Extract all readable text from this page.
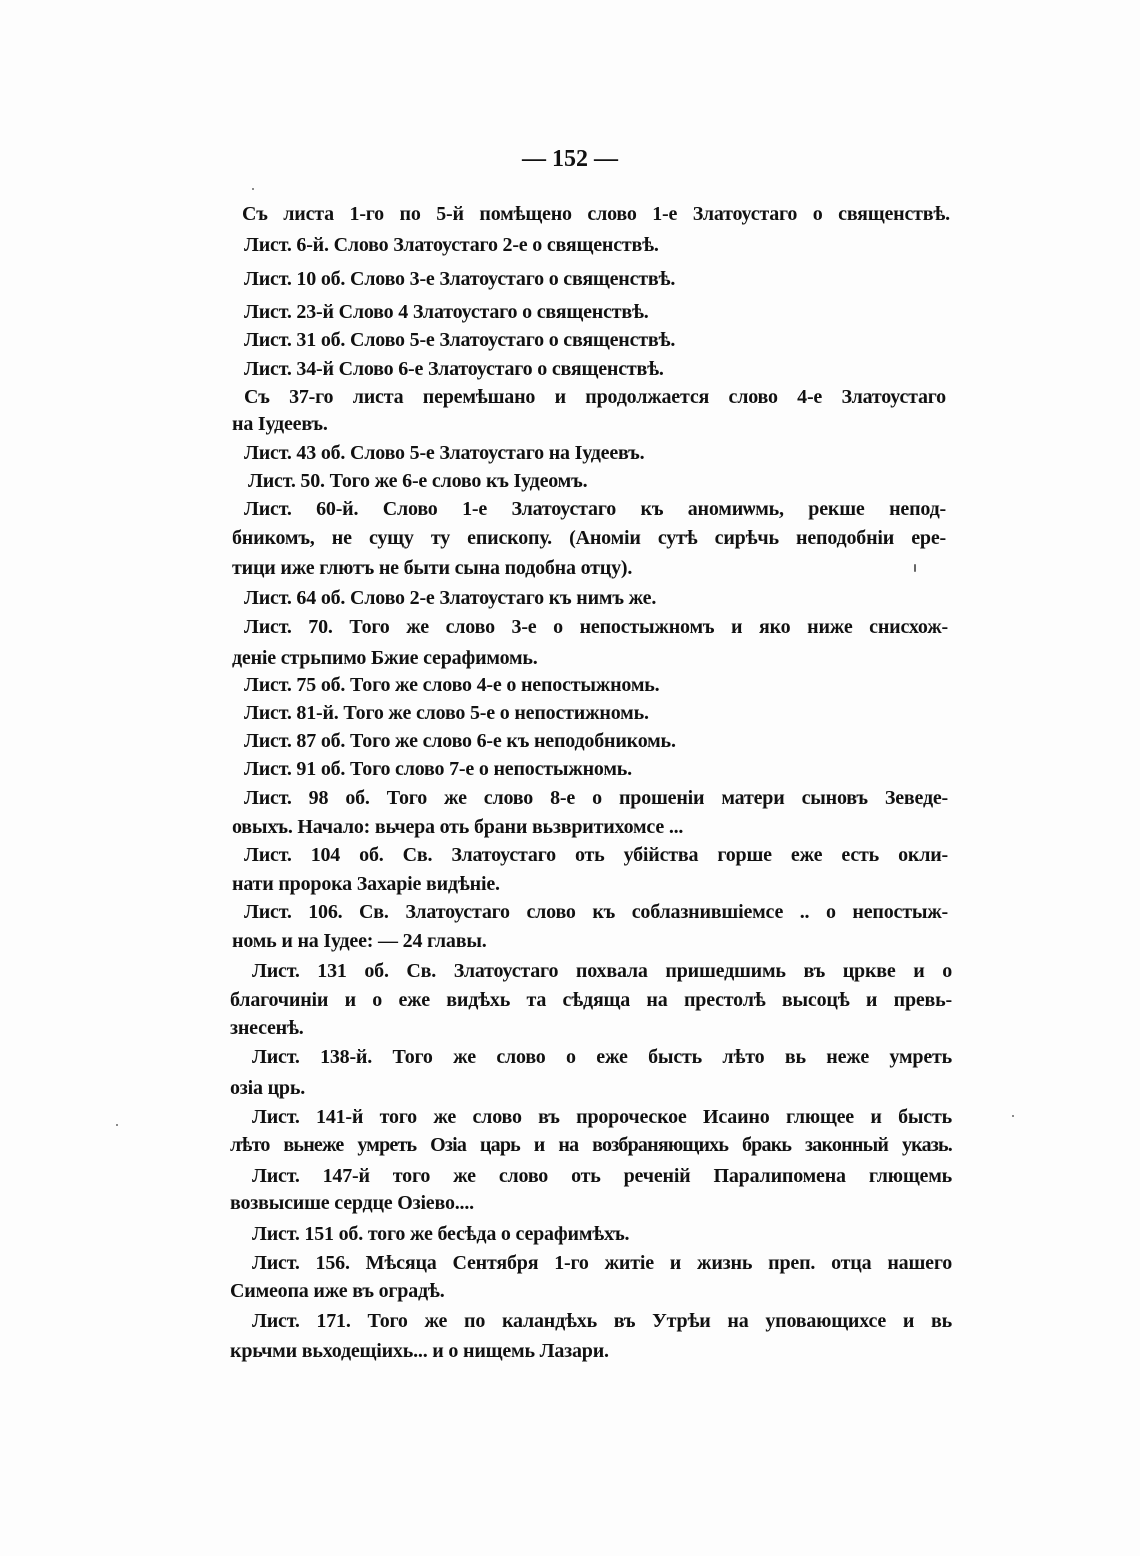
— 152 —
Съ листа 1-го по 5-й помѣщено слово 1-е Златоустаго о священствѣ.
Лист. 6-й. Слово Златоустаго 2-е о священствѣ.
Лист. 10 об. Слово 3-е Златоустаго о священствѣ.
Лист. 23-й Слово 4 Златоустаго о священствѣ.
Лист. 31 об. Слово 5-е Златоустаго о священствѣ.
Лист. 34-й Слово 6-е Златоустаго о священствѣ.
Съ 37-го листа перемѣшано и продолжается слово 4-е Златоустаго
на Іудеевъ.
Лист. 43 об. Слово 5-е Златоустаго на Іудеевъ.
Лист. 50. Того же 6-е слово къ Іудеомъ.
Лист. 60-й. Слово 1-е Златоустаго къ аномиѡмь, рекше непод-
бникомъ, не сущу ту епископу. (Аноміи сутѣ сирѣчь неподобніи ере-
тици иже глютъ не быти сына подобна отцу).
Лист. 64 об. Слово 2-е Златоустаго къ нимъ же.
Лист. 70. Того же слово 3-е о непостыжномъ и яко ниже снисхож-
деніе стрьпимо Бжие серафимомь.
Лист. 75 об. Того же слово 4-е о непостыжномь.
Лист. 81-й. Того же слово 5-е о непостижномь.
Лист. 87 об. Того же слово 6-е къ неподобникомь.
Лист. 91 об. Того слово 7-е о непостыжномь.
Лист. 98 об. Того же слово 8-е о прошеніи матери сыновъ Зеведе-
овыхъ. Начало: вьчера оть брани вьзвритихомсе ...
Лист. 104 об. Св. Златоустаго оть убійства горше еже есть окли-
нати пророка Захаріе видѣніе.
Лист. 106. Св. Златоустаго слово къ соблазнившіемсе .. о непостыж-
номь и на Іудее: — 24 главы.
Лист. 131 об. Св. Златоустаго похвала пришедшимь въ цркве и о
благочиніи и о еже видѣхь та сѣдяща на престолѣ высоцѣ и превь-
знесенѣ.
Лист. 138-й. Того же слово о еже бысть лѣто вь неже умреть
озіа црь.
Лист. 141-й того же слово въ пророческое Исаино глющее и бысть
лѣто вьнеже умреть Озіа царь и на возбраняющихь бракь законный указь.
Лист. 147-й того же слово оть реченій Паралипомена глющемь
возвысише сердце Озіево....
Лист. 151 об. того же бесѣда о серафимѣхъ.
Лист. 156. Мѣсяца Сентября 1-го житіе и жизнь преп. отца нашего
Симеопа иже въ оградѣ.
Лист. 171. Того же по каландѣхь въ Утрѣи на уповающихсе и вь
крьчми вьходещіихь... и о нищемь Лазари.
